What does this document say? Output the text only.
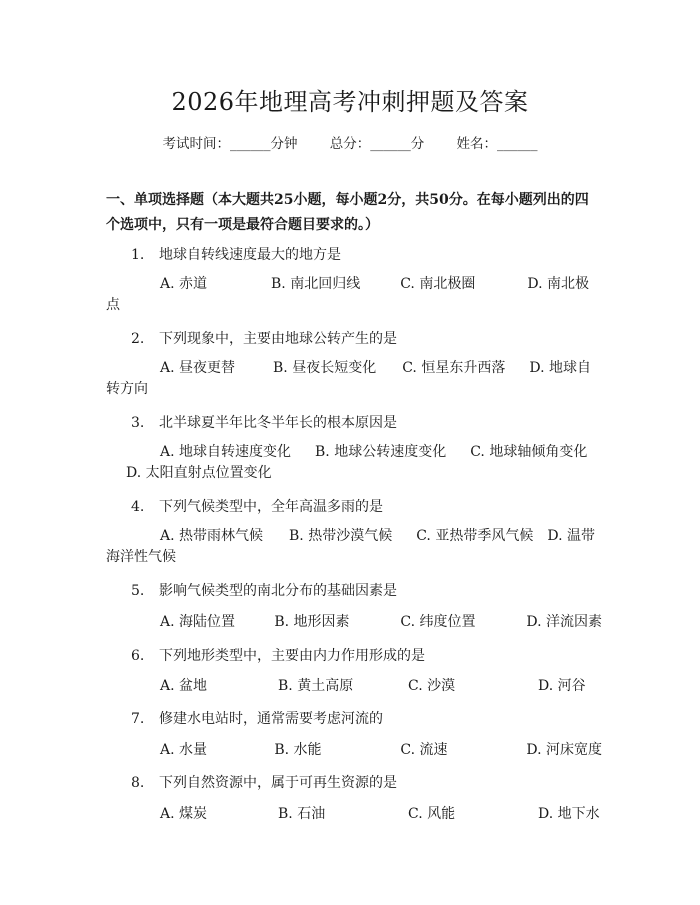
2026年地理高考冲刺押题及答案
考试时间：______分钟 总分：______分 姓名：______
一、单项选择题（本大题共25小题，每小题2分，共50分。在每小题列出的四个选项中，只有一项是最符合题目要求的。）
1. 地球自转线速度最大的地方是
A. 赤道	B. 南北回归线	C. 南北极圈	D. 南北极点
2. 下列现象中，主要由地球公转产生的是
A. 昼夜更替	B. 昼夜长短变化 C. 恒星东升西落 D. 地球自转方向
3. 北半球夏半年比冬半年长的根本原因是
A. 地球自转速度变化 B. 地球公转速度变化 C. 地球轴倾角变化D. 太阳直射点位置变化
4. 下列气候类型中，全年高温多雨的是
A. 热带雨林气候 B. 热带沙漠气候 C. 亚热带季风气候 D. 温带海洋性气候
5. 影响气候类型的南北分布的基础因素是
A. 海陆位置	B. 地形因素	C. 纬度位置	D. 洋流因素
6. 下列地形类型中，主要由内力作用形成的是
A. 盆地	B. 黄土高原	C. 沙漠	D. 河谷
7. 修建水电站时，通常需要考虑河流的
A. 水量	B. 水能	C. 流速	D. 河床宽度
8. 下列自然资源中，属于可再生资源的是
A. 煤炭	B. 石油	C. 风能	D. 地下水
